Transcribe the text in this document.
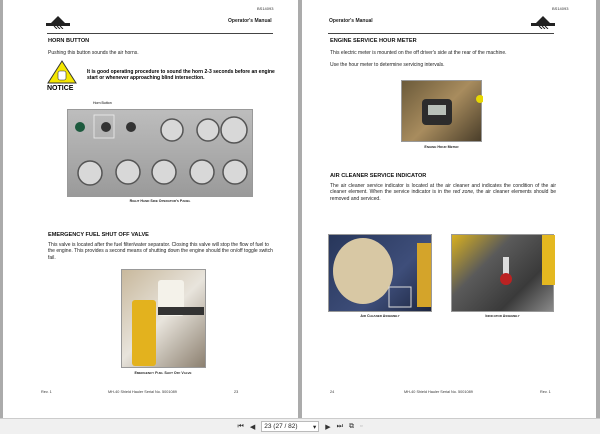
BS14093
Operator's Manual
HORN BUTTON
Pushing this button sounds the air horns.
NOTICE
It is good operating procedure to sound the horn 2-3 seconds before an engine start or whenever approaching blind intersection.
Horn Button
Right Hand Side Operator's Panel
EMERGENCY FUEL SHUT OFF VALVE
This valve is located after the fuel filter/water separator. Closing this valve will stop the flow of fuel to the engine. This provides a second means of shutting down the engine should the on/off toggle switch fail.
Emergency Fuel Shut Off Valve
Rev. 1	MH-40 Shield Hauler Serial No. 5001089	23
BS14093
Operator's Manual
ENGINE SERVICE HOUR METER
This electric meter is mounted on the off driver's side at the rear of the machine.
Use the hour meter to determine servicing intervals.
Engine Hour Meter
AIR CLEANER SERVICE INDICATOR
The air cleaner service indicator is located at the air cleaner and indicates the condition of the air cleaner element. When the service indicator is in the red zone, the air cleaner elements should be removed and serviced.
Air Cleaner Assembly	Indicator Assembly
24	MH-40 Shield Hauler Serial No. 5001089	Rev. 1
⏮ ◀ 23 (27 / 82) ▾ ▶ ⏭ ⧉ ▫
